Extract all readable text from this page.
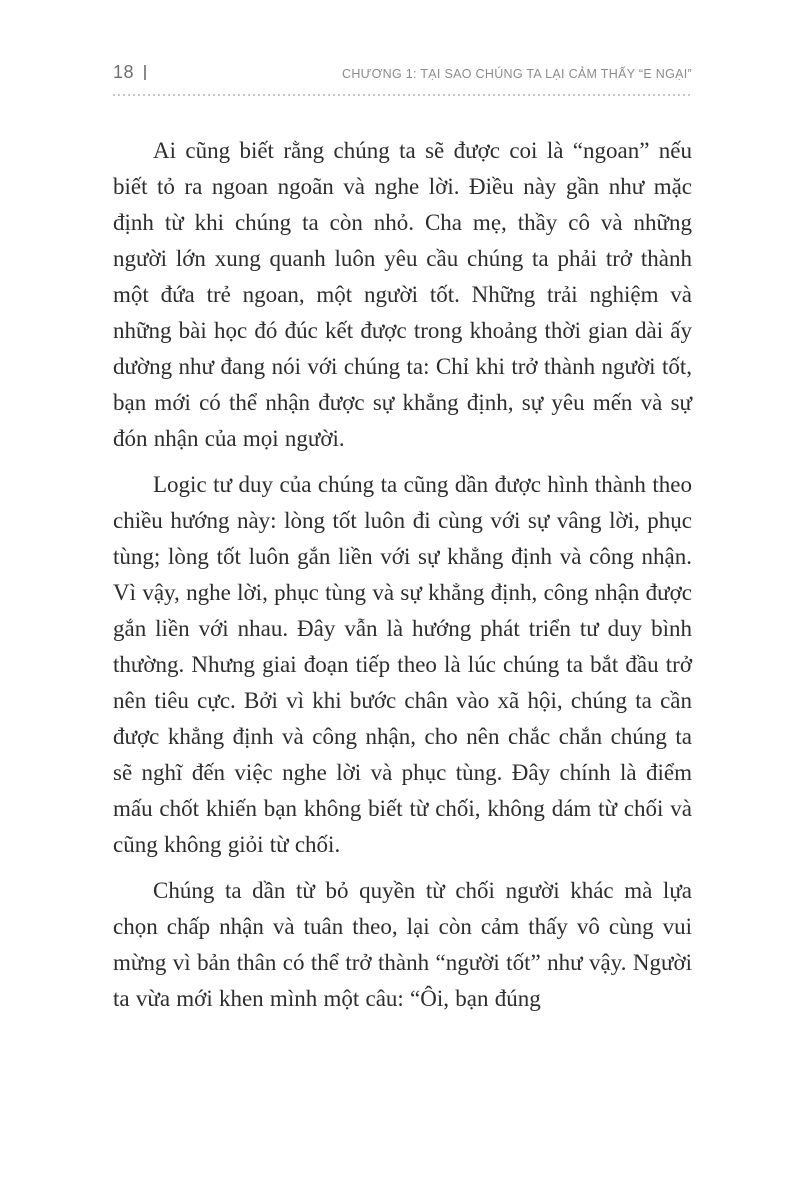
18	CHƯƠNG 1: TẠI SAO CHÚNG TA LẠI CẢM THẤY “E NGẠI”

Ai cũng biết rằng chúng ta sẽ được coi là “ngoan” nếu biết tỏ ra ngoan ngoãn và nghe lời. Điều này gần như mặc định từ khi chúng ta còn nhỏ. Cha mẹ, thầy cô và những người lớn xung quanh luôn yêu cầu chúng ta phải trở thành một đứa trẻ ngoan, một người tốt. Những trải nghiệm và những bài học đó đúc kết được trong khoảng thời gian dài ấy dường như đang nói với chúng ta: Chỉ khi trở thành người tốt, bạn mới có thể nhận được sự khẳng định, sự yêu mến và sự đón nhận của mọi người.

Logic tư duy của chúng ta cũng dần được hình thành theo chiều hướng này: lòng tốt luôn đi cùng với sự vâng lời, phục tùng; lòng tốt luôn gắn liền với sự khẳng định và công nhận. Vì vậy, nghe lời, phục tùng và sự khẳng định, công nhận được gắn liền với nhau. Đây vẫn là hướng phát triển tư duy bình thường. Nhưng giai đoạn tiếp theo là lúc chúng ta bắt đầu trở nên tiêu cực. Bởi vì khi bước chân vào xã hội, chúng ta cần được khẳng định và công nhận, cho nên chắc chắn chúng ta sẽ nghĩ đến việc nghe lời và phục tùng. Đây chính là điểm mấu chốt khiến bạn không biết từ chối, không dám từ chối và cũng không giỏi từ chối.

Chúng ta dần từ bỏ quyền từ chối người khác mà lựa chọn chấp nhận và tuân theo, lại còn cảm thấy vô cùng vui mừng vì bản thân có thể trở thành “người tốt” như vậy. Người ta vừa mới khen mình một câu: “Ôi, bạn đúng
